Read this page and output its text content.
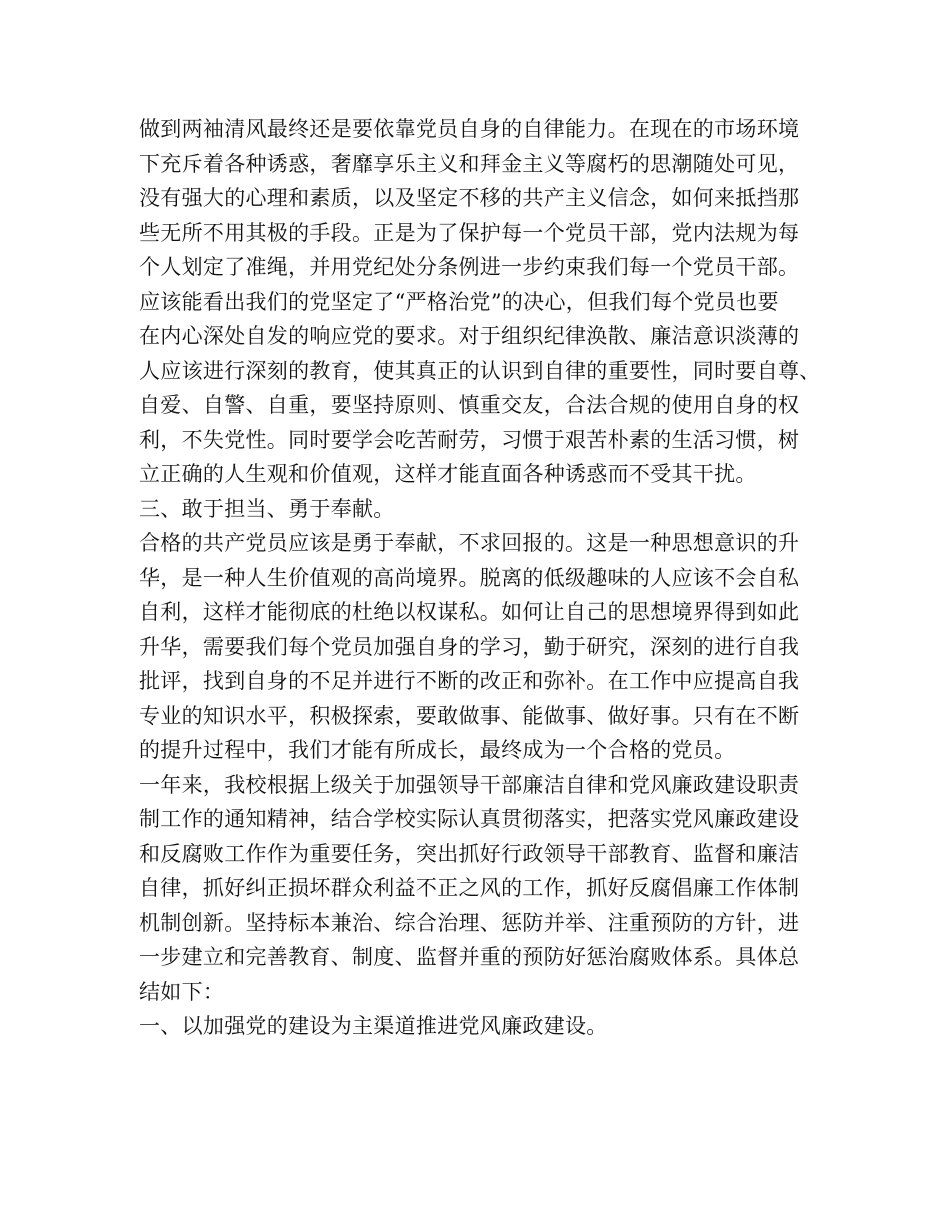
做到两袖清风最终还是要依靠党员自身的自律能力。在现在的市场环境
下充斥着各种诱惑，奢靡享乐主义和拜金主义等腐朽的思潮随处可见，
没有强大的心理和素质，以及坚定不移的共产主义信念，如何来抵挡那
些无所不用其极的手段。正是为了保护每一个党员干部，党内法规为每
个人划定了准绳，并用党纪处分条例进一步约束我们每一个党员干部。
应该能看出我们的党坚定了“严格治党”的决心，但我们每个党员也要
在内心深处自发的响应党的要求。对于组织纪律涣散、廉洁意识淡薄的
人应该进行深刻的教育，使其真正的认识到自律的重要性，同时要自尊、
自爱、自警、自重，要坚持原则、慎重交友，合法合规的使用自身的权
利，不失党性。同时要学会吃苦耐劳，习惯于艰苦朴素的生活习惯，树
立正确的人生观和价值观，这样才能直面各种诱惑而不受其干扰。
三、敢于担当、勇于奉献。
合格的共产党员应该是勇于奉献，不求回报的。这是一种思想意识的升
华，是一种人生价值观的高尚境界。脱离的低级趣味的人应该不会自私
自利，这样才能彻底的杜绝以权谋私。如何让自己的思想境界得到如此
升华，需要我们每个党员加强自身的学习，勤于研究，深刻的进行自我
批评，找到自身的不足并进行不断的改正和弥补。在工作中应提高自我
专业的知识水平，积极探索，要敢做事、能做事、做好事。只有在不断
的提升过程中，我们才能有所成长，最终成为一个合格的党员。
一年来，我校根据上级关于加强领导干部廉洁自律和党风廉政建设职责
制工作的通知精神，结合学校实际认真贯彻落实，把落实党风廉政建设
和反腐败工作作为重要任务，突出抓好行政领导干部教育、监督和廉洁
自律，抓好纠正损坏群众利益不正之风的工作，抓好反腐倡廉工作体制
机制创新。坚持标本兼治、综合治理、惩防并举、注重预防的方针，进
一步建立和完善教育、制度、监督并重的预防好惩治腐败体系。具体总
结如下：
一、以加强党的建设为主渠道推进党风廉政建设。
